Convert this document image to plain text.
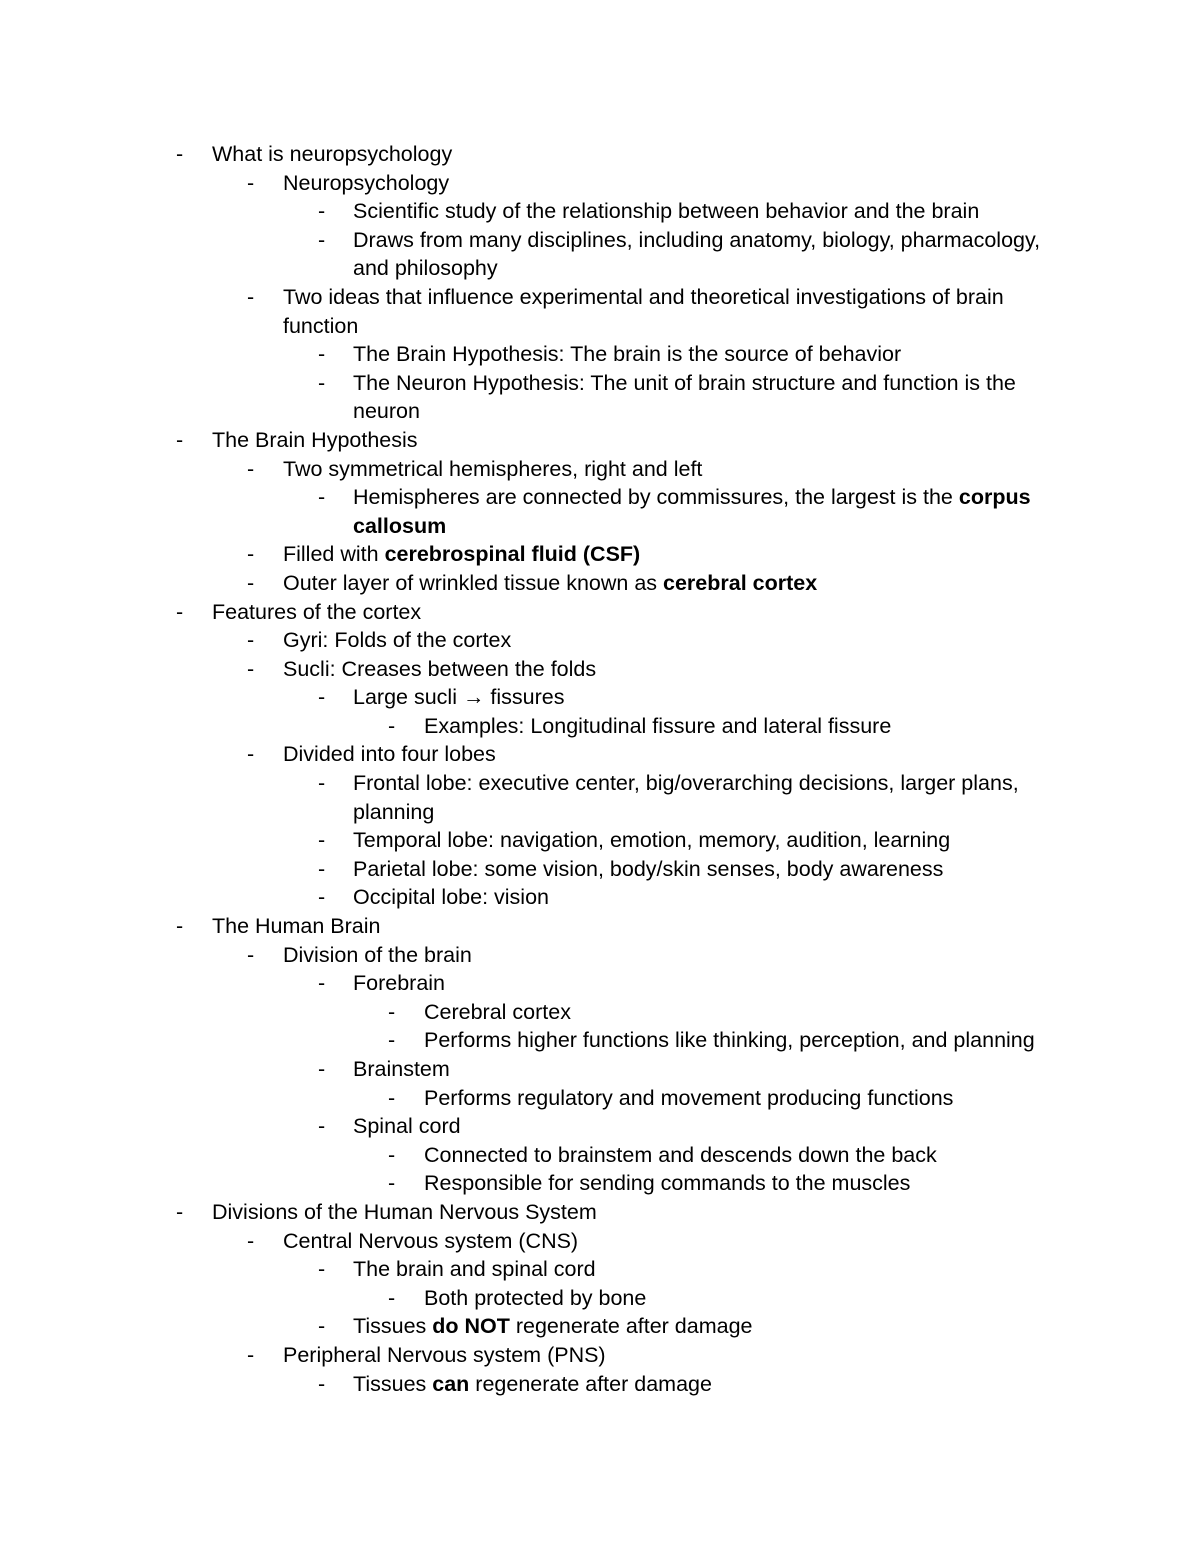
- What is neuropsychology
- Neuropsychology
- Scientific study of the relationship between behavior and the brain
- Draws from many disciplines, including anatomy, biology, pharmacology, and philosophy
- Two ideas that influence experimental and theoretical investigations of brain function
- The Brain Hypothesis: The brain is the source of behavior
- The Neuron Hypothesis: The unit of brain structure and function is the neuron
- The Brain Hypothesis
- Two symmetrical hemispheres, right and left
- Hemispheres are connected by commissures, the largest is the corpus callosum
- Filled with cerebrospinal fluid (CSF)
- Outer layer of wrinkled tissue known as cerebral cortex
- Features of the cortex
- Gyri: Folds of the cortex
- Sucli: Creases between the folds
- Large sucli → fissures
- Examples: Longitudinal fissure and lateral fissure
- Divided into four lobes
- Frontal lobe: executive center, big/overarching decisions, larger plans, planning
- Temporal lobe: navigation, emotion, memory, audition, learning
- Parietal lobe: some vision, body/skin senses, body awareness
- Occipital lobe: vision
- The Human Brain
- Division of the brain
- Forebrain
- Cerebral cortex
- Performs higher functions like thinking, perception, and planning
- Brainstem
- Performs regulatory and movement producing functions
- Spinal cord
- Connected to brainstem and descends down the back
- Responsible for sending commands to the muscles
- Divisions of the Human Nervous System
- Central Nervous system (CNS)
- The brain and spinal cord
- Both protected by bone
- Tissues do NOT regenerate after damage
- Peripheral Nervous system (PNS)
- Tissues can regenerate after damage
